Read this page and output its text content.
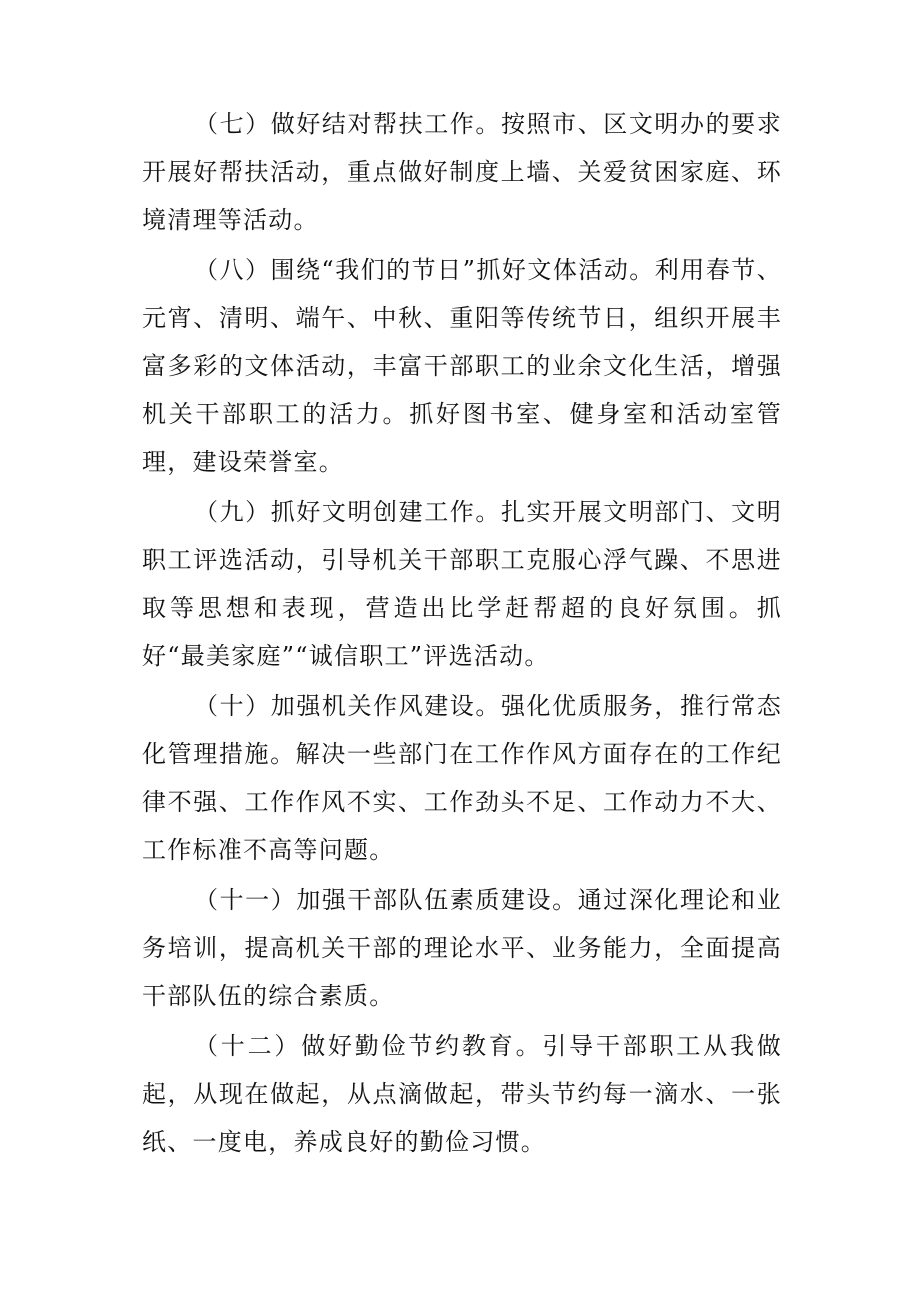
（七）做好结对帮扶工作。按照市、区文明办的要求开展好帮扶活动，重点做好制度上墙、关爱贫困家庭、环境清理等活动。

（八）围绕“我们的节日”抓好文体活动。利用春节、元宵、清明、端午、中秋、重阳等传统节日，组织开展丰富多彩的文体活动，丰富干部职工的业余文化生活，增强机关干部职工的活力。抓好图书室、健身室和活动室管理，建设荣誉室。

（九）抓好文明创建工作。扎实开展文明部门、文明职工评选活动，引导机关干部职工克服心浮气躁、不思进取等思想和表现，营造出比学赶帮超的良好氛围。抓好“最美家庭”“诚信职工”评选活动。

（十）加强机关作风建设。强化优质服务，推行常态化管理措施。解决一些部门在工作作风方面存在的工作纪律不强、工作作风不实、工作劲头不足、工作动力不大、工作标准不高等问题。

（十一）加强干部队伍素质建设。通过深化理论和业务培训，提高机关干部的理论水平、业务能力，全面提高干部队伍的综合素质。

（十二）做好勤俭节约教育。引导干部职工从我做起，从现在做起，从点滴做起，带头节约每一滴水、一张纸、一度电，养成良好的勤俭习惯。
